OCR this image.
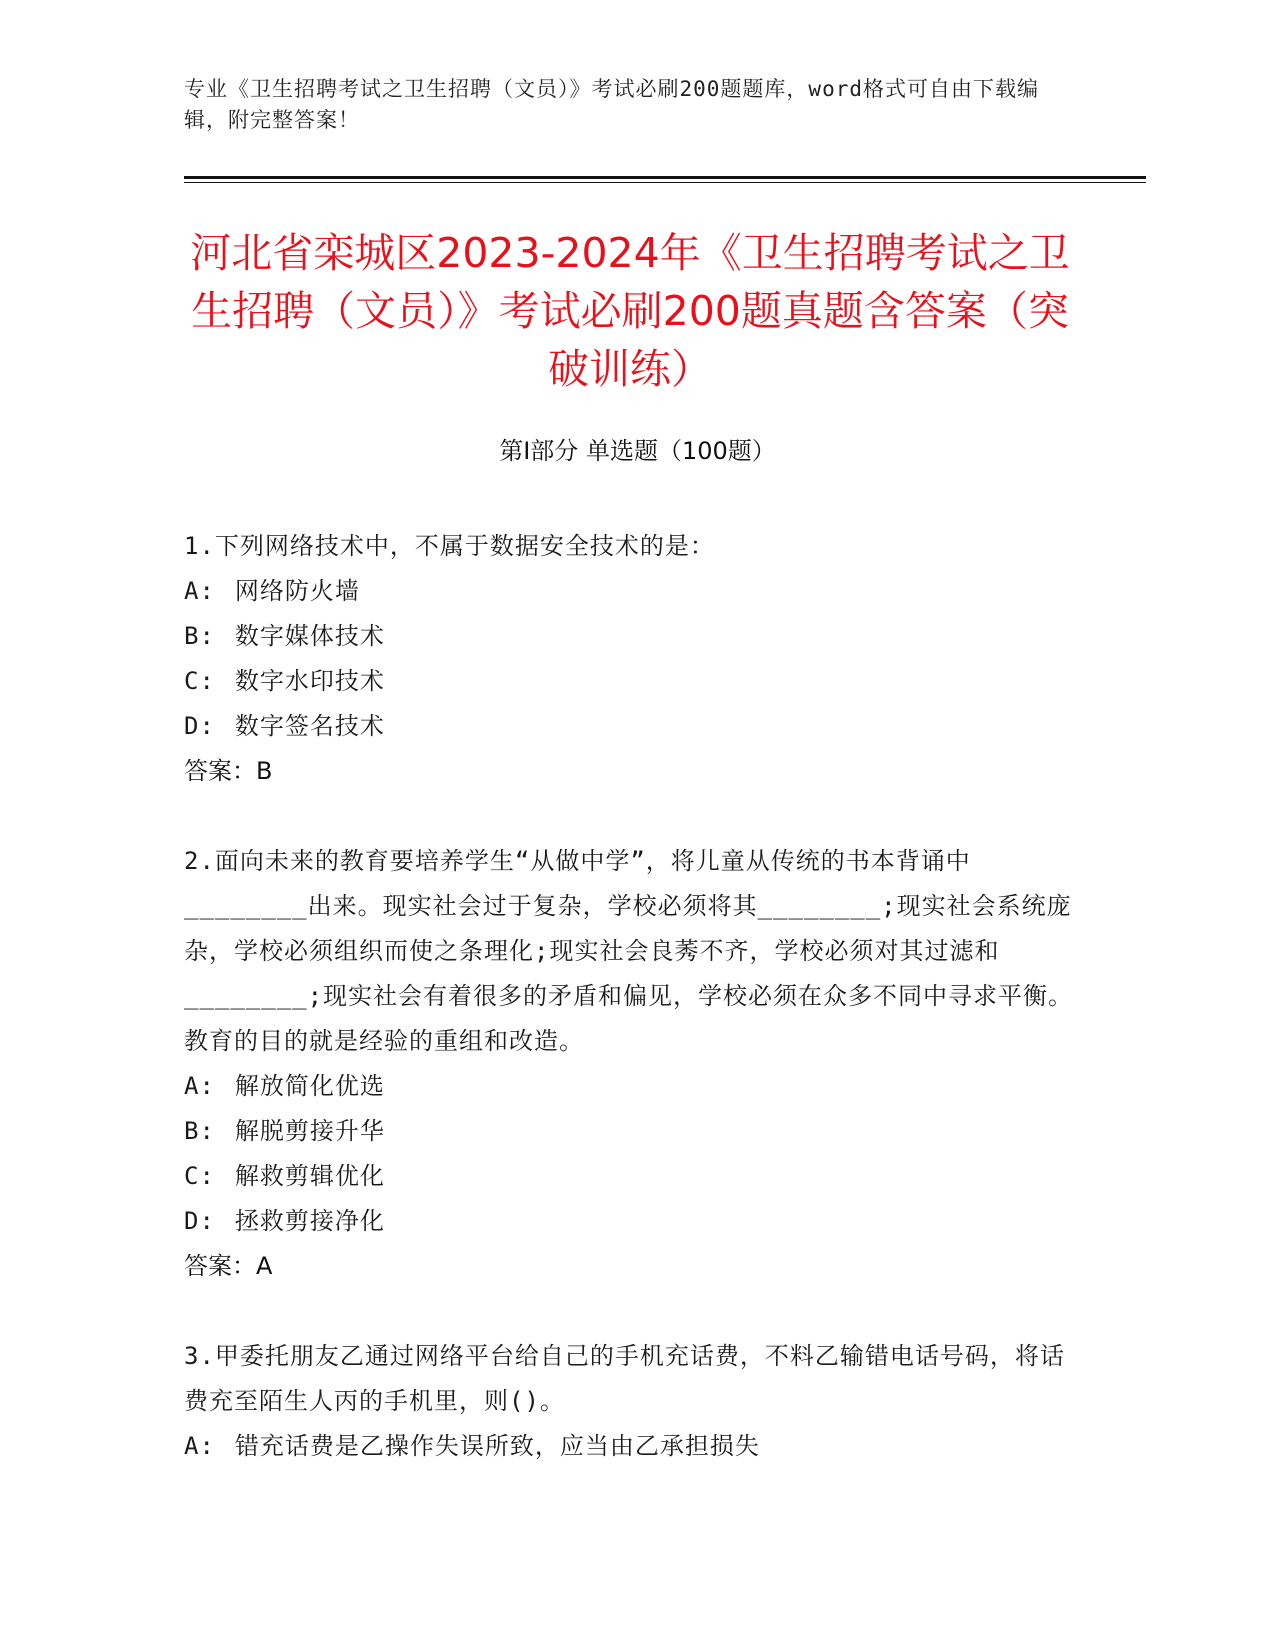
专业《卫生招聘考试之卫生招聘（文员）》考试必刷200题题库，word格式可自由下载编辑，附完整答案！
河北省栾城区2023-2024年《卫生招聘考试之卫生招聘（文员）》考试必刷200题真题含答案（突破训练）
第Ⅰ部分 单选题（100题）

1.下列网络技术中，不属于数据安全技术的是：

A: 网络防火墙

B: 数字媒体技术

C: 数字水印技术

D: 数字签名技术

答案：B

2.面向未来的教育要培养学生“从做中学”，将儿童从传统的书本背诵中________出来。现实社会过于复杂，学校必须将其________;现实社会系统庞杂，学校必须组织而使之条理化;现实社会良莠不齐，学校必须对其过滤和________;现实社会有着很多的矛盾和偏见，学校必须在众多不同中寻求平衡。教育的目的就是经验的重组和改造。

A: 解放简化优选

B: 解脱剪接升华

C: 解救剪辑优化

D: 拯救剪接净化

答案：A

3.甲委托朋友乙通过网络平台给自己的手机充话费，不料乙输错电话号码，将话费充至陌生人丙的手机里，则()。

A: 错充话费是乙操作失误所致，应当由乙承担损失
